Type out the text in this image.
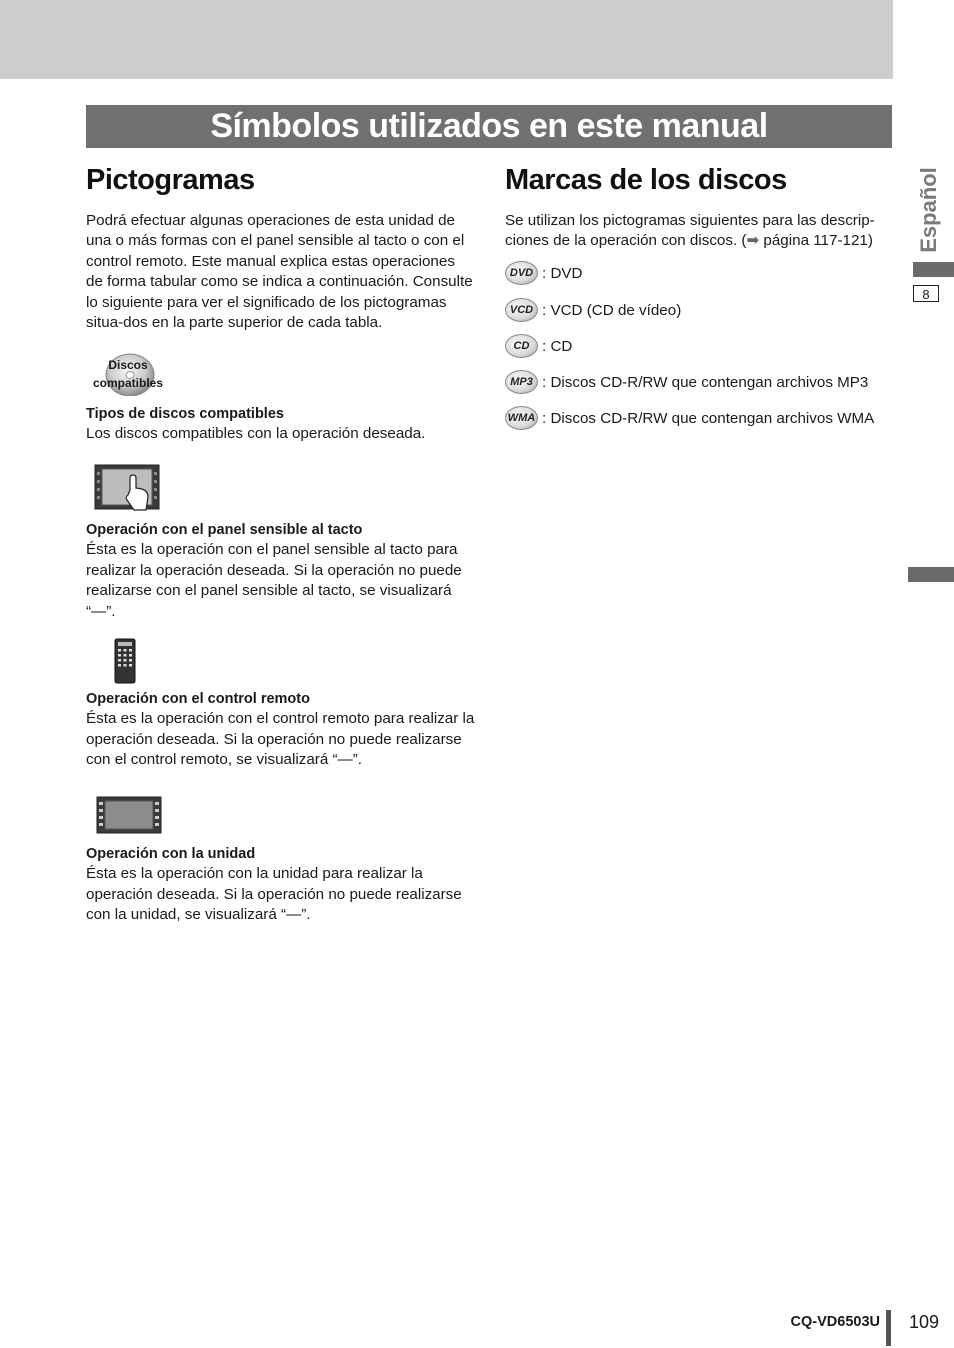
Símbolos utilizados en este manual
Pictogramas	Marcas de los discos

Podrá efectuar algunas operaciones de esta unidad de una o más formas con el panel sensible al tacto o con el control remoto. Este manual explica estas operaciones de forma tabular como se indica a continuación. Consulte lo siguiente para ver el significado de los pictogramas situa-dos en la parte superior de cada tabla.

Discos
compatibles
Tipos de discos compatibles
Los discos compatibles con la operación deseada.
Operación con el panel sensible al tacto
Ésta es la operación con el panel sensible al tacto para realizar la operación deseada. Si la operación no puede realizarse con el panel sensible al tacto, se visualizará “—”.
Operación con el control remoto
Ésta es la operación con el control remoto para realizar la operación deseada. Si la operación no puede realizarse con el control remoto, se visualizará “—”.
Operación con la unidad
Ésta es la operación con la unidad para realizar la operación deseada. Si la operación no puede realizarse con la unidad, se visualizará “—”.

Se utilizan los pictogramas siguientes para las descrip-ciones de la operación con discos. (➡ página 117-121)

DVD : DVD
VCD : VCD (CD de vídeo)
CD : CD
MP3 : Discos CD-R/RW que contengan archivos MP3
WMA : Discos CD-R/RW que contengan archivos WMA
Español
8
CQ-VD6503U 109
